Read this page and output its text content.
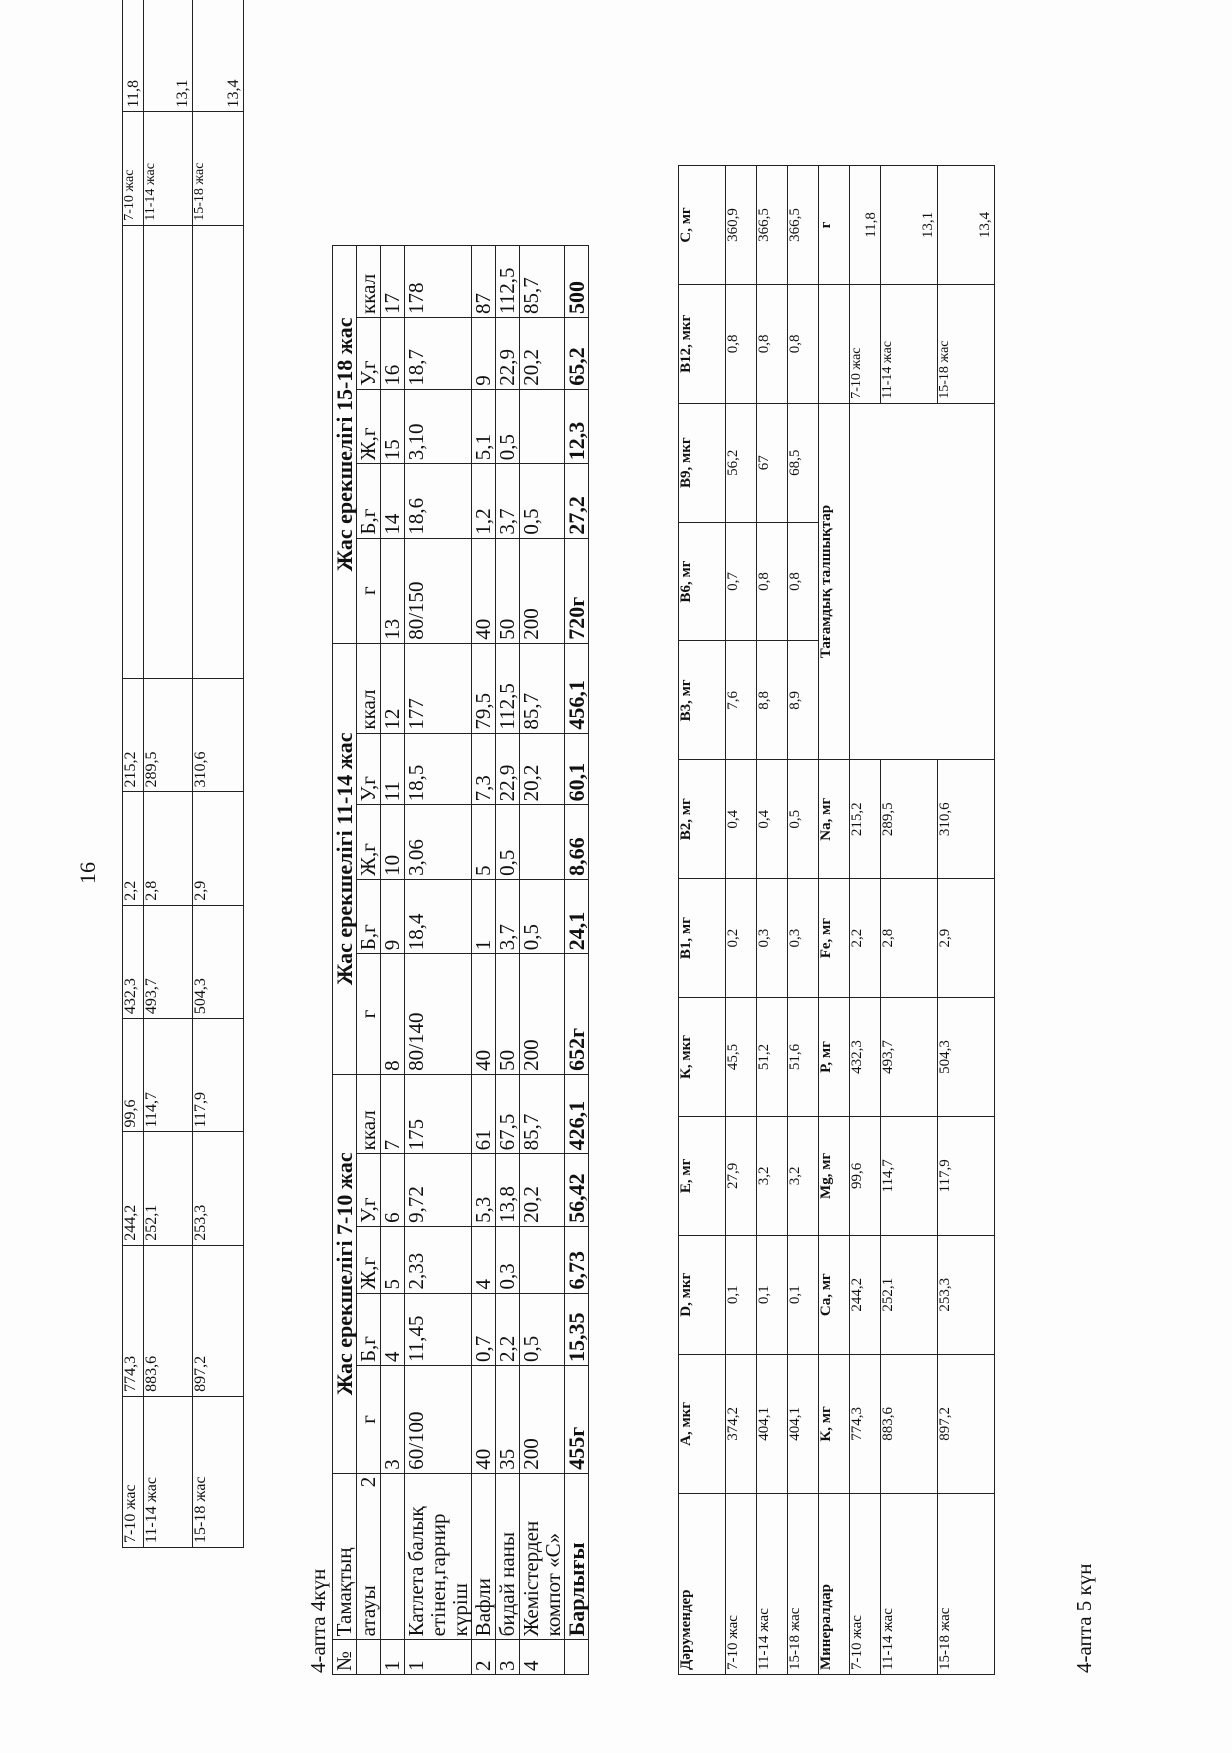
16
7-10 жас	774,3	244,2	99,6	432,3	2,2	215,2		7-10 жас	11,8
11-14 жас	883,6	252,1	114,7	493,7	2,8	289,5		11-14 жас	13,1
15-18 жас	897,2	253,3	117,9	504,3	2,9	310,6		15-18 жас	13,4
4-апта 4күн №	Тамақтың	Жас ерекшелігі 7-10 жас					Жас ерекшелігі 11-14 жас					Жас ерекшелігі 15-18 жас				
	атауы
2	г	Б,г	Ж,г	У,г	ккал	г	Б,г	Ж,г	У,г	ккал	г	Б,г	Ж,г	У,г	ккал
1		3	4	5	6	7	8	9	10	11	12	13	14	15	16	17
1	Катлета балық етінен,гарнир күріш	60/100	11,45	2,33	9,72	175	80/140	18,4	3,06	18,5	177	80/150	18,6	3,10	18,7	178
2	Вафли	40	0,7	4	5,3	61	40	1	5	7,3	79,5	40	1,2	5,1	9	87
3	бидай наны	35	2,2	0,3	13,8	67,5	50	3,7	0,5	22,9	112,5	50	3,7	0,5	22,9	112,5
4	Жемістерден компот «С»	200	0,5		20,2	85,7	200	0,5		20,2	85,7	200	0,5		20,2	85,7
	Барлығы	455г	15,35	6,73	56,42	426,1	652г	24,1	8,66	60,1	456,1	720г	27,2	12,3	65,2	500
Дәрумендер	А, мкг	D, мкг	Е, мг	К, мкг	В1, мг	В2, мг	В3, мг	В6, мг	В9, мкг	В12, мкг	С, мг
7-10 жас	374,2	0,1	27,9	45,5	0,2	0,4	7,6	0,7	56,2	0,8	360,9
11-14 жас	404,1	0,1	3,2	51,2	0,3	0,4	8,8	0,8	67	0,8	366,5
15-18 жас	404,1	0,1	3,2	51,6	0,3	0,5	8,9	0,8	68,5	0,8	366,5
Минералдар	К, мг	Са, мг	Мg, мг	Р, мг	Fe, мг	Na, мг	Тағамдық талшықтар				г
7-10 жас	774,3	244,2	99,6	432,3	2,2	215,2				7-10 жас	11,8
11-14 жас	883,6	252,1	114,7	493,7	2,8	289,5				11-14 жас	13,1
15-18 жас	897,2	253,3	117,9	504,3	2,9	310,6				15-18 жас	13,4
4-апта 5 күн
